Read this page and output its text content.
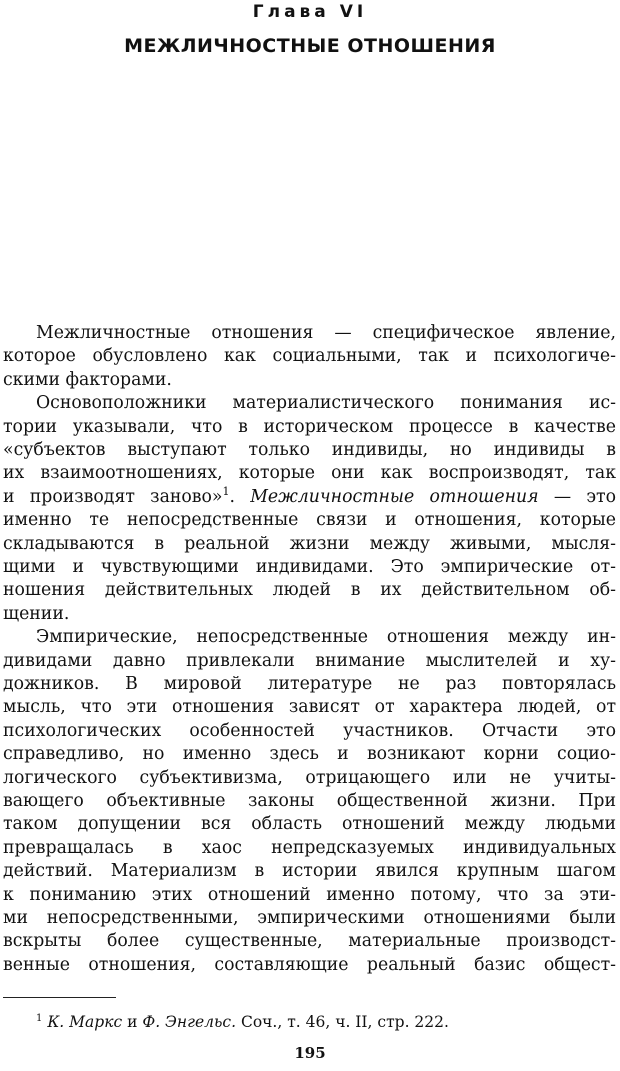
Глава VI
МЕЖЛИЧНОСТНЫЕ ОТНОШЕНИЯ
Межличностные отношения — специфическое явление,
которое обусловлено как социальными, так и психологиче-
скими факторами.
Основоположники материалистического понимания ис-
тории указывали, что в историческом процессе в качестве
«субъектов выступают только индивиды, но индивиды в
их взаимоотношениях, которые они как воспроизводят, так
и производят заново»$^1$. Межличностные отношения — это
именно те непосредственные связи и отношения, которые
складываются в реальной жизни между живыми, мысля-
щими и чувствующими индивидами. Это эмпирические от-
ношения действительных людей в их действительном об-
щении.
Эмпирические, непосредственные отношения между ин-
дивидами давно привлекали внимание мыслителей и ху-
дожников. В мировой литературе не раз повторялась
мысль, что эти отношения зависят от характера людей, от
психологических особенностей участников. Отчасти это
справедливо, но именно здесь и возникают корни социо-
логического субъективизма, отрицающего или не учиты-
вающего объективные законы общественной жизни. При
таком допущении вся область отношений между людьми
превращалась в хаос непредсказуемых индивидуальных
действий. Материализм в истории явился крупным шагом
к пониманию этих отношений именно потому, что за эти-
ми непосредственными, эмпирическими отношениями были
вскрыты более существенные, материальные производст-
венные отношения, составляющие реальный базис общест-
$^1$ К. Маркс и Ф. Энгельс. Соч., т. 46, ч. II, стр. 222.
195
